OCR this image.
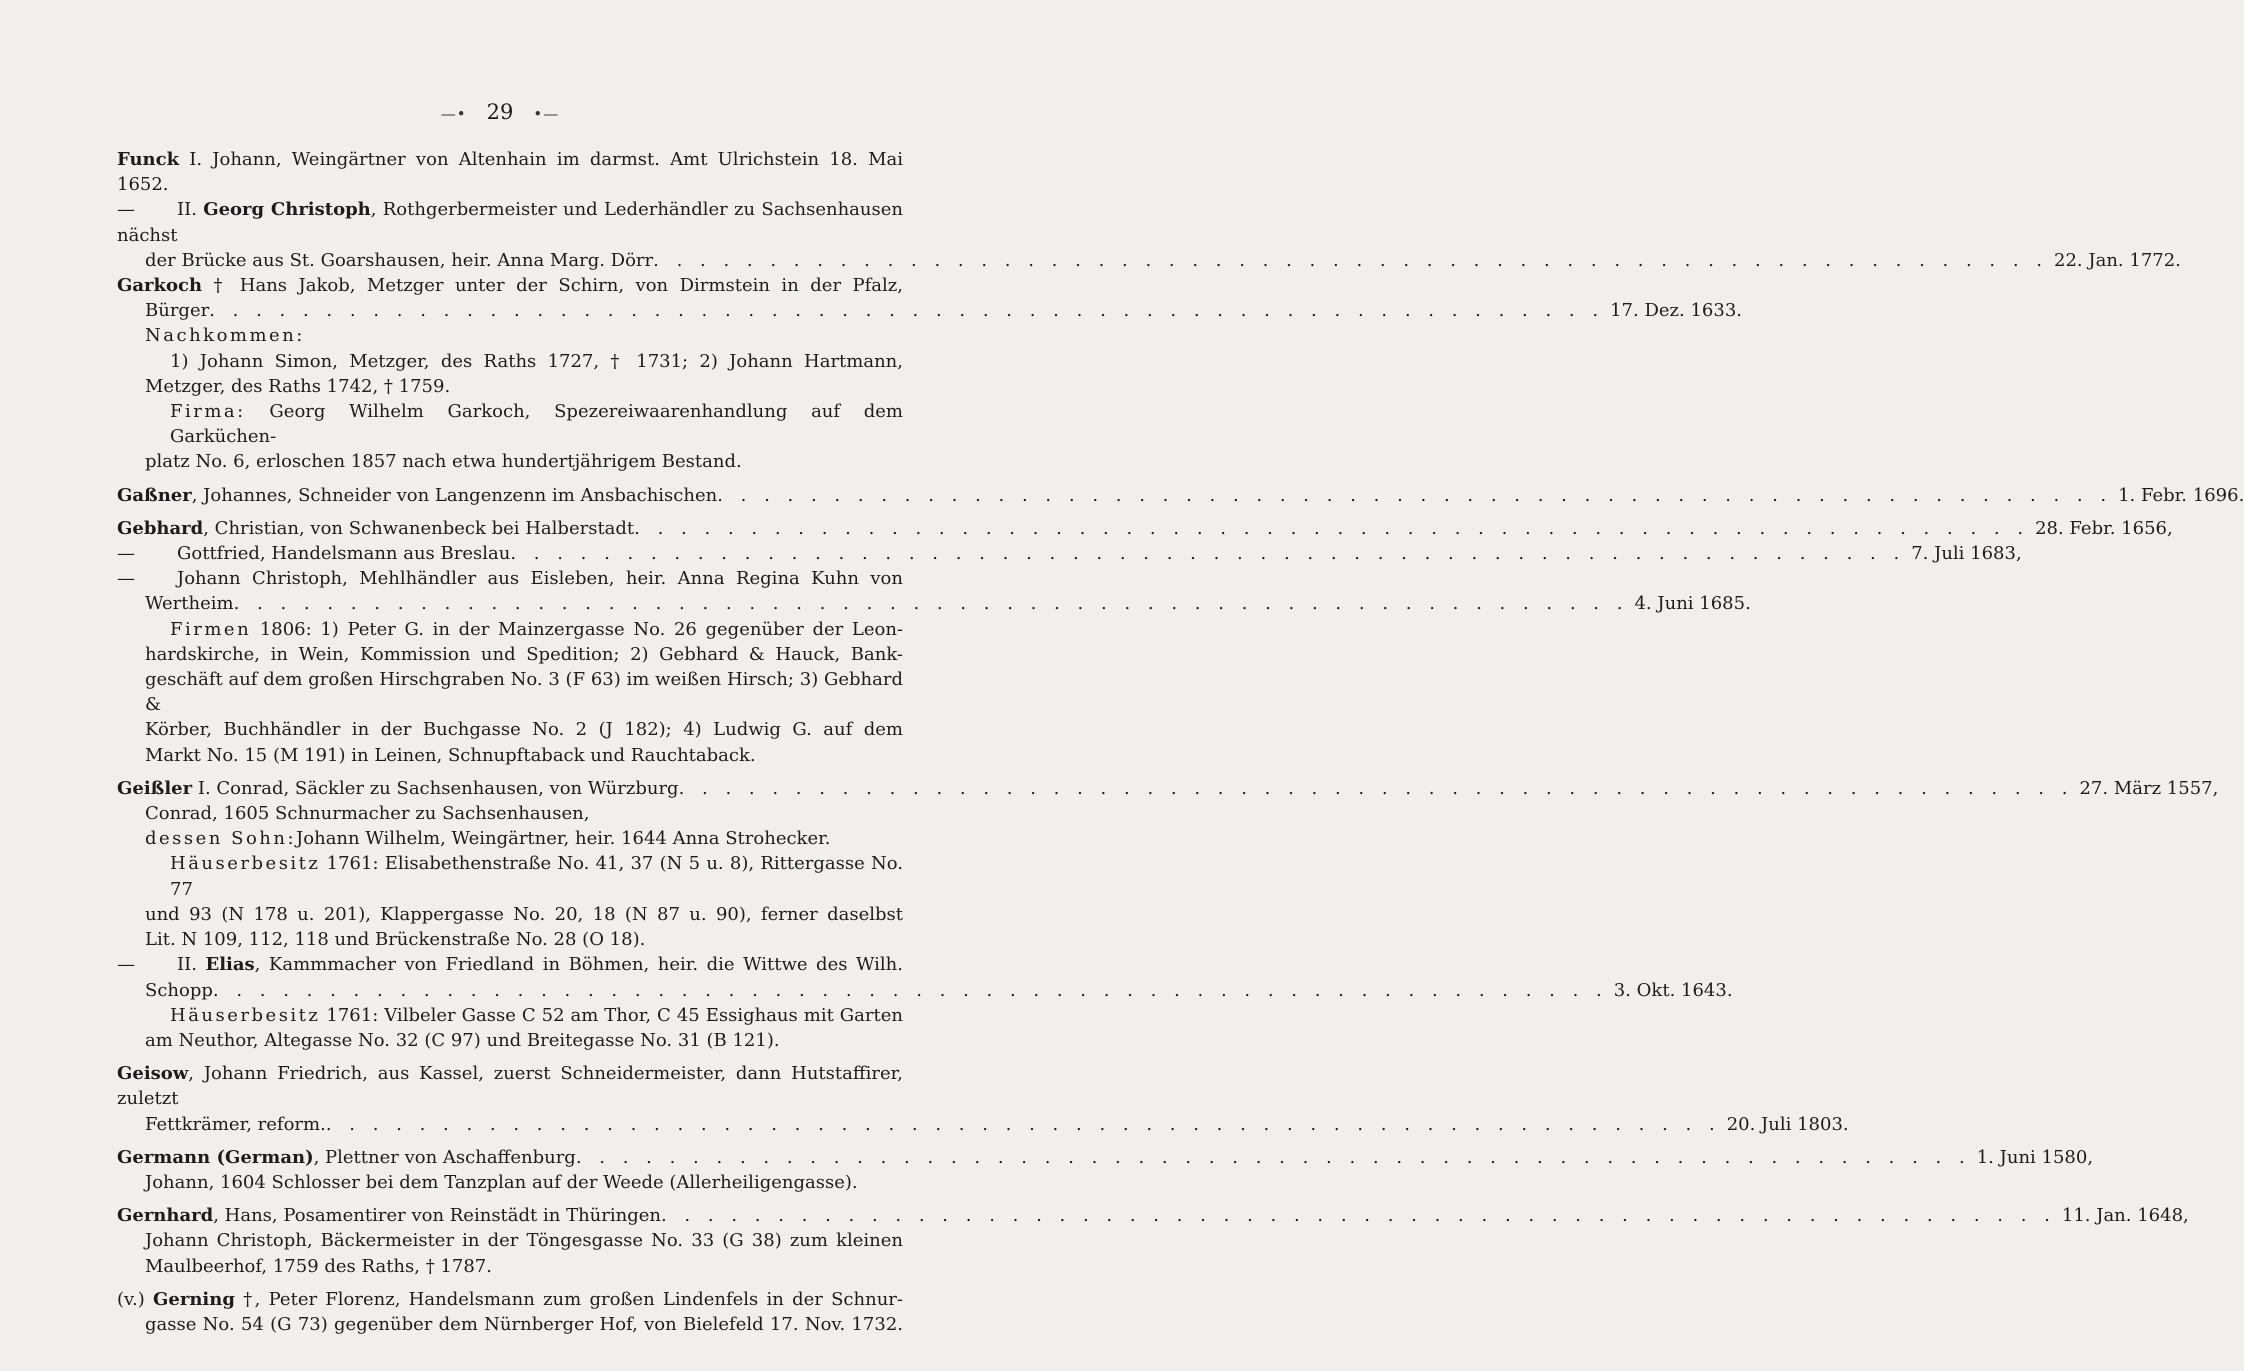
—• 29 •—
Funck I. Johann, Weingärtner von Altenhain im darmst. Amt Ulrichstein 18. Mai 1652.
— II. Georg Christoph, Rothgerbermeister und Lederhändler zu Sachsenhausen nächst
der Brücke aus St. Goarshausen, heir. Anna Marg. Dörr . . . . . . . . . . . . . . . . . . . . . . . . . . . . . . . . . . . . . . . . . . . . . . . . . . . . . . . . . . . . 22. Jan. 1772.
Garkoch † Hans Jakob, Metzger unter der Schirn, von Dirmstein in der Pfalz,
Bürger . . . . . . . . . . . . . . . . . . . . . . . . . . . . . . . . . . . . . . . . . . . . . . . . . . . . . . . . . . . . 17. Dez. 1633.
Nachkommen:
1) Johann Simon, Metzger, des Raths 1727, † 1731; 2) Johann Hartmann,
Metzger, des Raths 1742, † 1759.
Firma: Georg Wilhelm Garkoch, Spezereiwaarenhandlung auf dem Garküchen-
platz No. 6, erloschen 1857 nach etwa hundertjährigem Bestand.
Gaßner, Johannes, Schneider von Langenzenn im Ansbachischen . . . . . . . . . . . . . . . . . . . . . . . . . . . . . . . . . . . . . . . . . . . . . . . . . . . . . . . . . . . . 1. Febr. 1696.
Gebhard, Christian, von Schwanenbeck bei Halberstadt . . . . . . . . . . . . . . . . . . . . . . . . . . . . . . . . . . . . . . . . . . . . . . . . . . . . . . . . . . . . 28. Febr. 1656,
— Gottfried, Handelsmann aus Breslau . . . . . . . . . . . . . . . . . . . . . . . . . . . . . . . . . . . . . . . . . . . . . . . . . . . . . . . . . . . . 7. Juli 1683,
— Johann Christoph, Mehlhändler aus Eisleben, heir. Anna Regina Kuhn von
Wertheim . . . . . . . . . . . . . . . . . . . . . . . . . . . . . . . . . . . . . . . . . . . . . . . . . . . . . . . . . . . . 4. Juni 1685.
Firmen 1806: 1) Peter G. in der Mainzergasse No. 26 gegenüber der Leon-
hardskirche, in Wein, Kommission und Spedition; 2) Gebhard & Hauck, Bank-
geschäft auf dem großen Hirschgraben No. 3 (F 63) im weißen Hirsch; 3) Gebhard &
Körber, Buchhändler in der Buchgasse No. 2 (J 182); 4) Ludwig G. auf dem
Markt No. 15 (M 191) in Leinen, Schnupftaback und Rauchtaback.
Geißler I. Conrad, Säckler zu Sachsenhausen, von Würzburg . . . . . . . . . . . . . . . . . . . . . . . . . . . . . . . . . . . . . . . . . . . . . . . . . . . . . . . . . . . . 27. März 1557,
Conrad, 1605 Schnurmacher zu Sachsenhausen,
dessen Sohn: Johann Wilhelm, Weingärtner, heir. 1644 Anna Strohecker.
Häuserbesitz 1761: Elisabethenstraße No. 41, 37 (N 5 u. 8), Rittergasse No. 77
und 93 (N 178 u. 201), Klappergasse No. 20, 18 (N 87 u. 90), ferner daselbst
Lit. N 109, 112, 118 und Brückenstraße No. 28 (O 18).
— II. Elias, Kammmacher von Friedland in Böhmen, heir. die Wittwe des Wilh.
Schopp . . . . . . . . . . . . . . . . . . . . . . . . . . . . . . . . . . . . . . . . . . . . . . . . . . . . . . . . . . . . 3. Okt. 1643.
Häuserbesitz 1761: Vilbeler Gasse C 52 am Thor, C 45 Essighaus mit Garten
am Neuthor, Altegasse No. 32 (C 97) und Breitegasse No. 31 (B 121).
Geisow, Johann Friedrich, aus Kassel, zuerst Schneidermeister, dann Hutstaffirer, zuletzt
Fettkrämer, reform. . . . . . . . . . . . . . . . . . . . . . . . . . . . . . . . . . . . . . . . . . . . . . . . . . . . . . . . . . . . . 20. Juli 1803.
Germann (German), Plettner von Aschaffenburg . . . . . . . . . . . . . . . . . . . . . . . . . . . . . . . . . . . . . . . . . . . . . . . . . . . . . . . . . . . . 1. Juni 1580,
Johann, 1604 Schlosser bei dem Tanzplan auf der Weede (Allerheiligengasse).
Gernhard, Hans, Posamentirer von Reinstädt in Thüringen . . . . . . . . . . . . . . . . . . . . . . . . . . . . . . . . . . . . . . . . . . . . . . . . . . . . . . . . . . . . 11. Jan. 1648,
Johann Christoph, Bäckermeister in der Töngesgasse No. 33 (G 38) zum kleinen
Maulbeerhof, 1759 des Raths, † 1787.
(v.) Gerning †, Peter Florenz, Handelsmann zum großen Lindenfels in der Schnur-
gasse No. 54 (G 73) gegenüber dem Nürnberger Hof, von Bielefeld 17. Nov. 1732.
